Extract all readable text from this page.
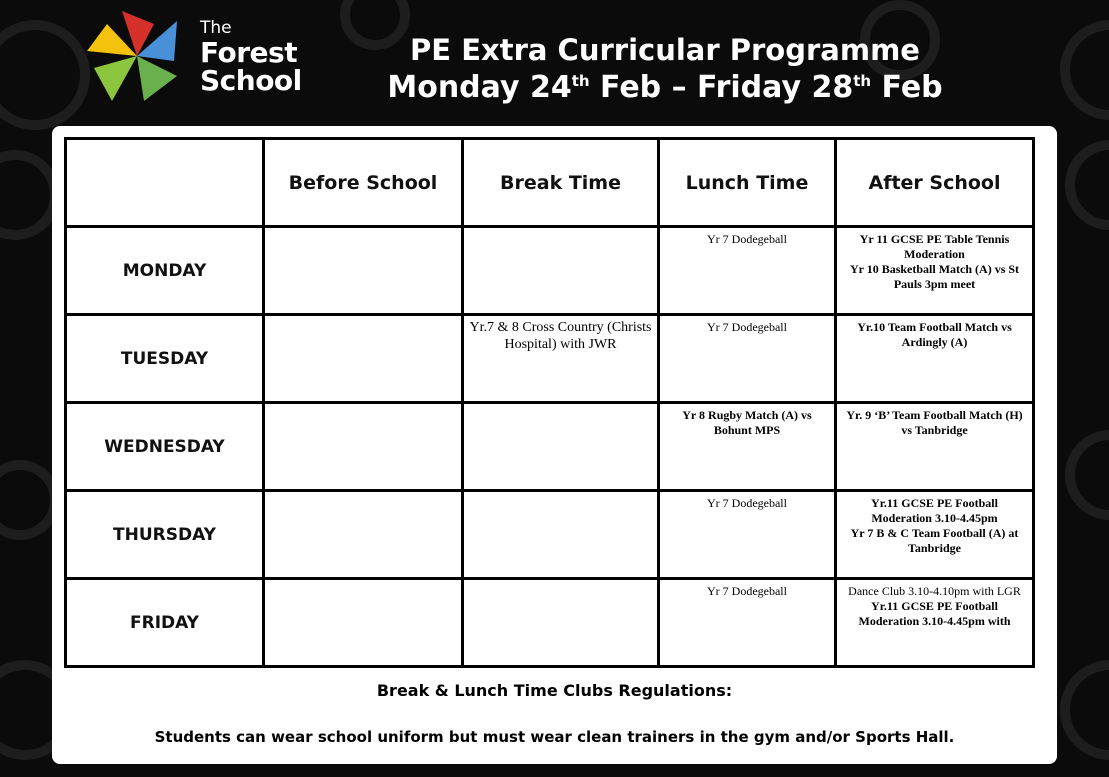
The
Forest
School
PE Extra Curricular Programme
Monday 24th Feb – Friday 28th Feb
	Before School	Break Time	Lunch Time	After School
MONDAY			Yr 7 Dodegeball	Yr 11 GCSE PE Table Tennis Moderation
Yr 10 Basketball Match (A) vs St Pauls 3pm meet

TUESDAY		Yr.7 & 8 Cross Country (Christs Hospital) with JWR	Yr 7 Dodegeball	Yr.10 Team Football Match vs Ardingly (A)

WEDNESDAY			Yr 8 Rugby Match (A) vs Bohunt MPS	Yr. 9 ‘B’ Team Football Match (H) vs Tanbridge

THURSDAY			Yr 7 Dodegeball	Yr.11 GCSE PE Football Moderation 3.10-4.45pm
Yr 7 B & C Team Football (A) at Tanbridge

FRIDAY			Yr 7 Dodegeball	Dance Club 3.10-4.10pm with LGR
Yr.11 GCSE PE Football Moderation 3.10-4.45pm with
Break & Lunch Time Clubs Regulations:
Students can wear school uniform but must wear clean trainers in the gym and/or Sports Hall.
